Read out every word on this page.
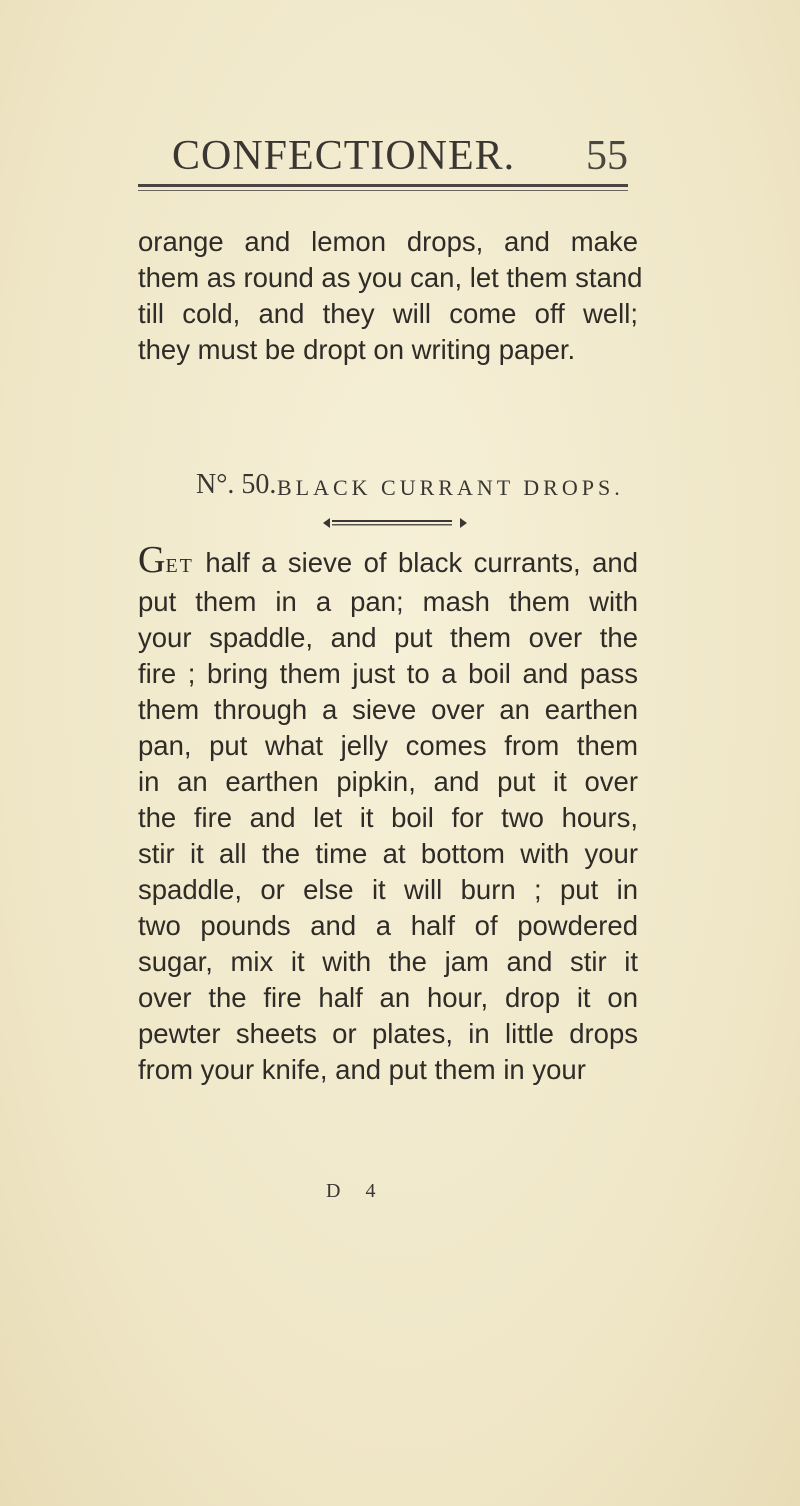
CONFECTIONER. 55
orange and lemon drops, and make
them as round as you can, let them stand
till cold, and they will come off well;
they must be dropt on writing paper.
N°. 50. BLACK CURRANT DROPS.
GET half a sieve of black currants, and
put them in a pan; mash them with
your spaddle, and put them over the
fire ; bring them just to a boil and pass
them through a sieve over an earthen
pan, put what jelly comes from them
in an earthen pipkin, and put it over
the fire and let it boil for two hours,
stir it all the time at bottom with your
spaddle, or else it will burn ; put in
two pounds and a half of powdered
sugar, mix it with the jam and stir it
over the fire half an hour, drop it on
pewter sheets or plates, in little drops
from your knife, and put them in your
D 4
